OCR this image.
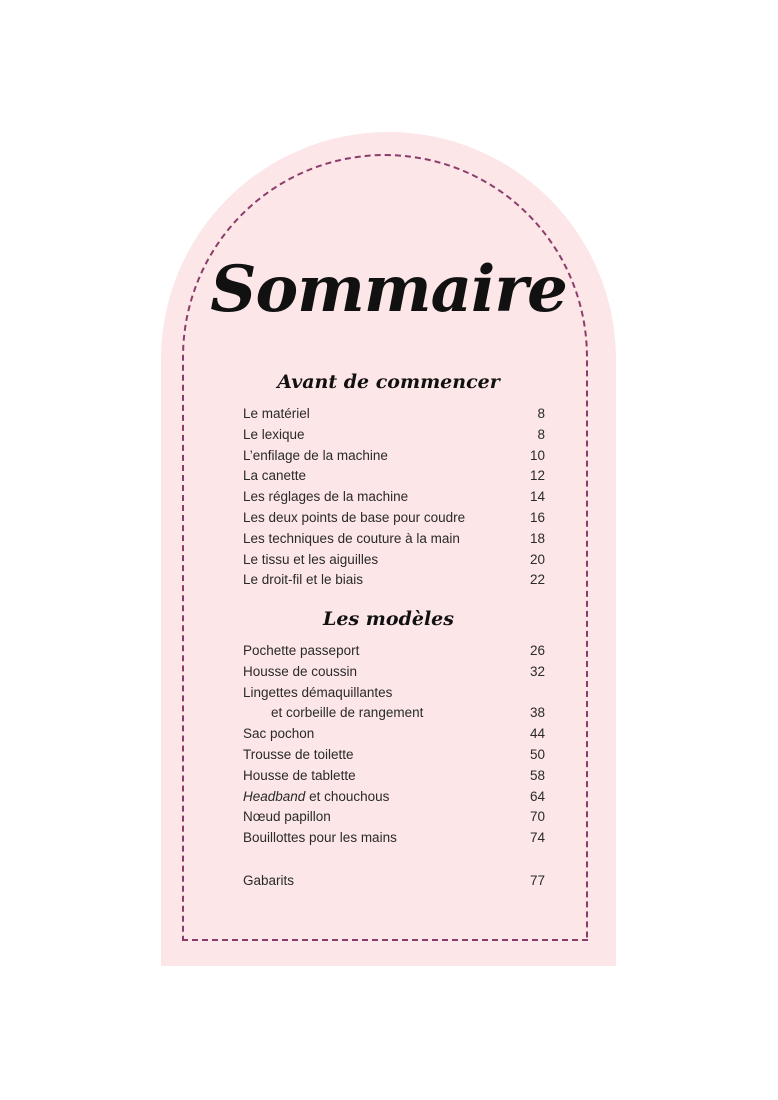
Sommaire
Avant de commencer
Le matériel	8
Le lexique	8
L’enfilage de la machine	10
La canette	12
Les réglages de la machine	14
Les deux points de base pour coudre	16
Les techniques de couture à la main	18
Le tissu et les aiguilles	20
Le droit-fil et le biais	22
Les modèles
Pochette passeport	26
Housse de coussin	32
Lingettes démaquillantes
et corbeille de rangement	38
Sac pochon	44
Trousse de toilette	50
Housse de tablette	58
Headband et chouchous	64
Nœud papillon	70
Bouillottes pour les mains	74
Gabarits	77
